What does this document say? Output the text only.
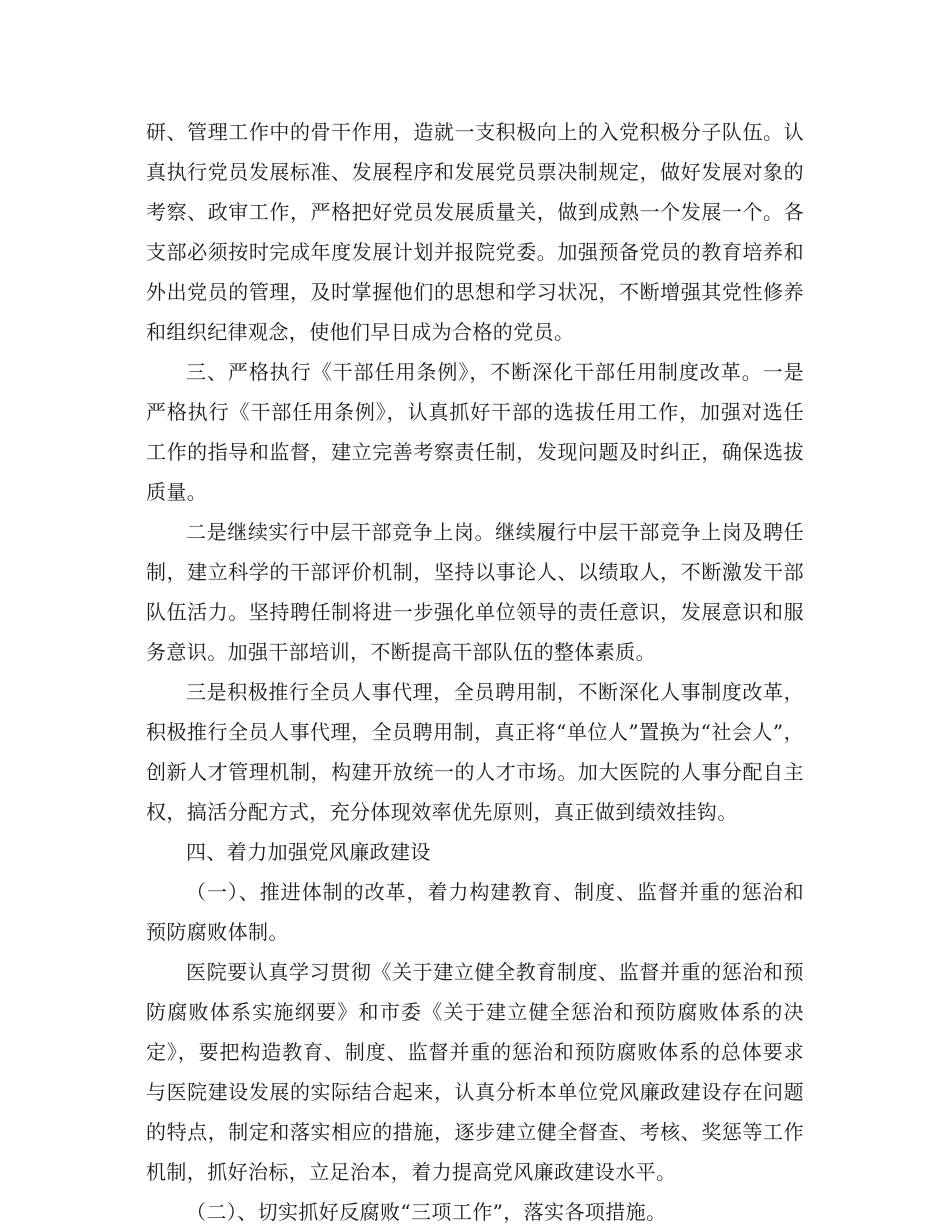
研、管理工作中的骨干作用，造就一支积极向上的入党积极分子队伍。认真执行党员发展标准、发展程序和发展党员票决制规定，做好发展对象的考察、政审工作，严格把好党员发展质量关，做到成熟一个发展一个。各支部必须按时完成年度发展计划并报院党委。加强预备党员的教育培养和外出党员的管理，及时掌握他们的思想和学习状况，不断增强其党性修养和组织纪律观念，使他们早日成为合格的党员。

三、严格执行《干部任用条例》，不断深化干部任用制度改革。一是严格执行《干部任用条例》，认真抓好干部的选拔任用工作，加强对选任工作的指导和监督，建立完善考察责任制，发现问题及时纠正，确保选拔质量。

二是继续实行中层干部竞争上岗。继续履行中层干部竞争上岗及聘任制，建立科学的干部评价机制，坚持以事论人、以绩取人，不断激发干部队伍活力。坚持聘任制将进一步强化单位领导的责任意识，发展意识和服务意识。加强干部培训，不断提高干部队伍的整体素质。

三是积极推行全员人事代理，全员聘用制，不断深化人事制度改革，积极推行全员人事代理，全员聘用制，真正将“单位人”置换为“社会人”，创新人才管理机制，构建开放统一的人才市场。加大医院的人事分配自主权，搞活分配方式，充分体现效率优先原则，真正做到绩效挂钩。

四、着力加强党风廉政建设

（一）、推进体制的改革，着力构建教育、制度、监督并重的惩治和预防腐败体制。

医院要认真学习贯彻《关于建立健全教育制度、监督并重的惩治和预防腐败体系实施纲要》和市委《关于建立健全惩治和预防腐败体系的决定》，要把构造教育、制度、监督并重的惩治和预防腐败体系的总体要求与医院建设发展的实际结合起来，认真分析本单位党风廉政建设存在问题的特点，制定和落实相应的措施，逐步建立健全督查、考核、奖惩等工作机制，抓好治标，立足治本，着力提高党风廉政建设水平。

（二）、切实抓好反腐败“三项工作”，落实各项措施。
